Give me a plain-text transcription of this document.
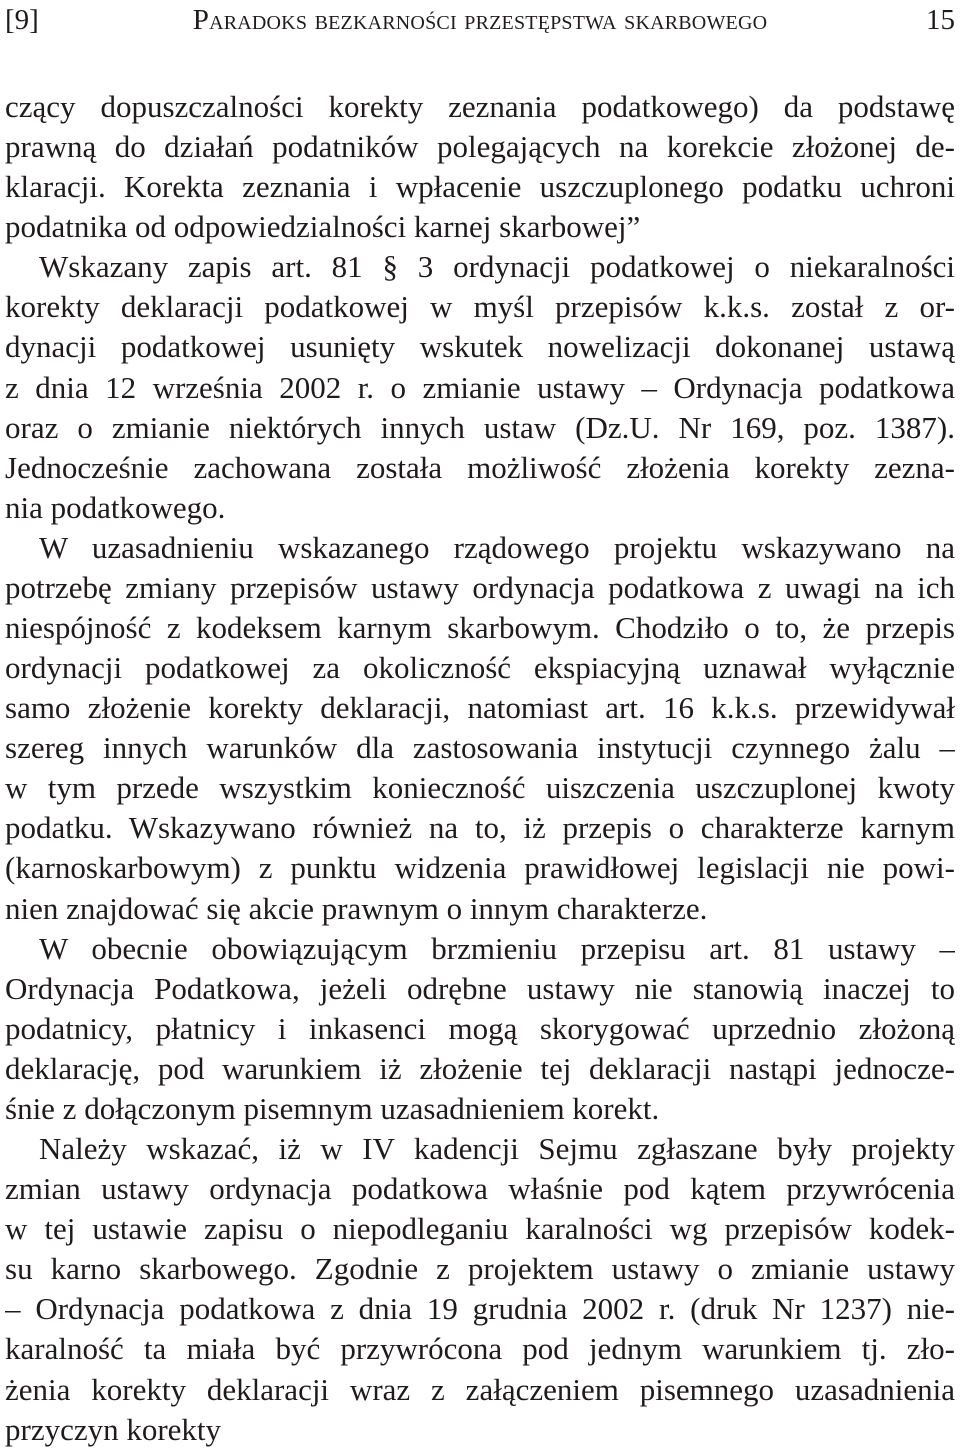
[9]	Paradoks bezkarności przestępstwa skarbowego	15
czący dopuszczalności korekty zeznania podatkowego) da podstawę
prawną do działań podatników polegających na korekcie złożonej de-
klaracji. Korekta zeznania i wpłacenie uszczuplonego podatku uchroni
podatnika od odpowiedzialności karnej skarbowej”
Wskazany zapis art. 81 § 3 ordynacji podatkowej o niekaralności
korekty deklaracji podatkowej w myśl przepisów k.k.s. został z or-
dynacji podatkowej usunięty wskutek nowelizacji dokonanej ustawą
z dnia 12 września 2002 r. o zmianie ustawy – Ordynacja podatkowa
oraz o zmianie niektórych innych ustaw (Dz.U. Nr 169, poz. 1387).
Jednocześnie zachowana została możliwość złożenia korekty zezna-
nia podatkowego.
W uzasadnieniu wskazanego rządowego projektu wskazywano na
potrzebę zmiany przepisów ustawy ordynacja podatkowa z uwagi na ich
niespójność z kodeksem karnym skarbowym. Chodziło o to, że przepis
ordynacji podatkowej za okoliczność ekspiacyjną uznawał wyłącznie
samo złożenie korekty deklaracji, natomiast art. 16 k.k.s. przewidywał
szereg innych warunków dla zastosowania instytucji czynnego żalu –
w tym przede wszystkim konieczność uiszczenia uszczuplonej kwoty
podatku. Wskazywano również na to, iż przepis o charakterze karnym
(karnoskarbowym) z punktu widzenia prawidłowej legislacji nie powi-
nien znajdować się akcie prawnym o innym charakterze.
W obecnie obowiązującym brzmieniu przepisu art. 81 ustawy –
Ordynacja Podatkowa, jeżeli odrębne ustawy nie stanowią inaczej to
podatnicy, płatnicy i inkasenci mogą skorygować uprzednio złożoną
deklarację, pod warunkiem iż złożenie tej deklaracji nastąpi jednocze-
śnie z dołączonym pisemnym uzasadnieniem korekt.
Należy wskazać, iż w IV kadencji Sejmu zgłaszane były projekty
zmian ustawy ordynacja podatkowa właśnie pod kątem przywrócenia
w tej ustawie zapisu o niepodleganiu karalności wg przepisów kodek-
su karno skarbowego. Zgodnie z projektem ustawy o zmianie ustawy
– Ordynacja podatkowa z dnia 19 grudnia 2002 r. (druk Nr 1237) nie-
karalność ta miała być przywrócona pod jednym warunkiem tj. zło-
żenia korekty deklaracji wraz z załączeniem pisemnego uzasadnienia
przyczyn korekty
